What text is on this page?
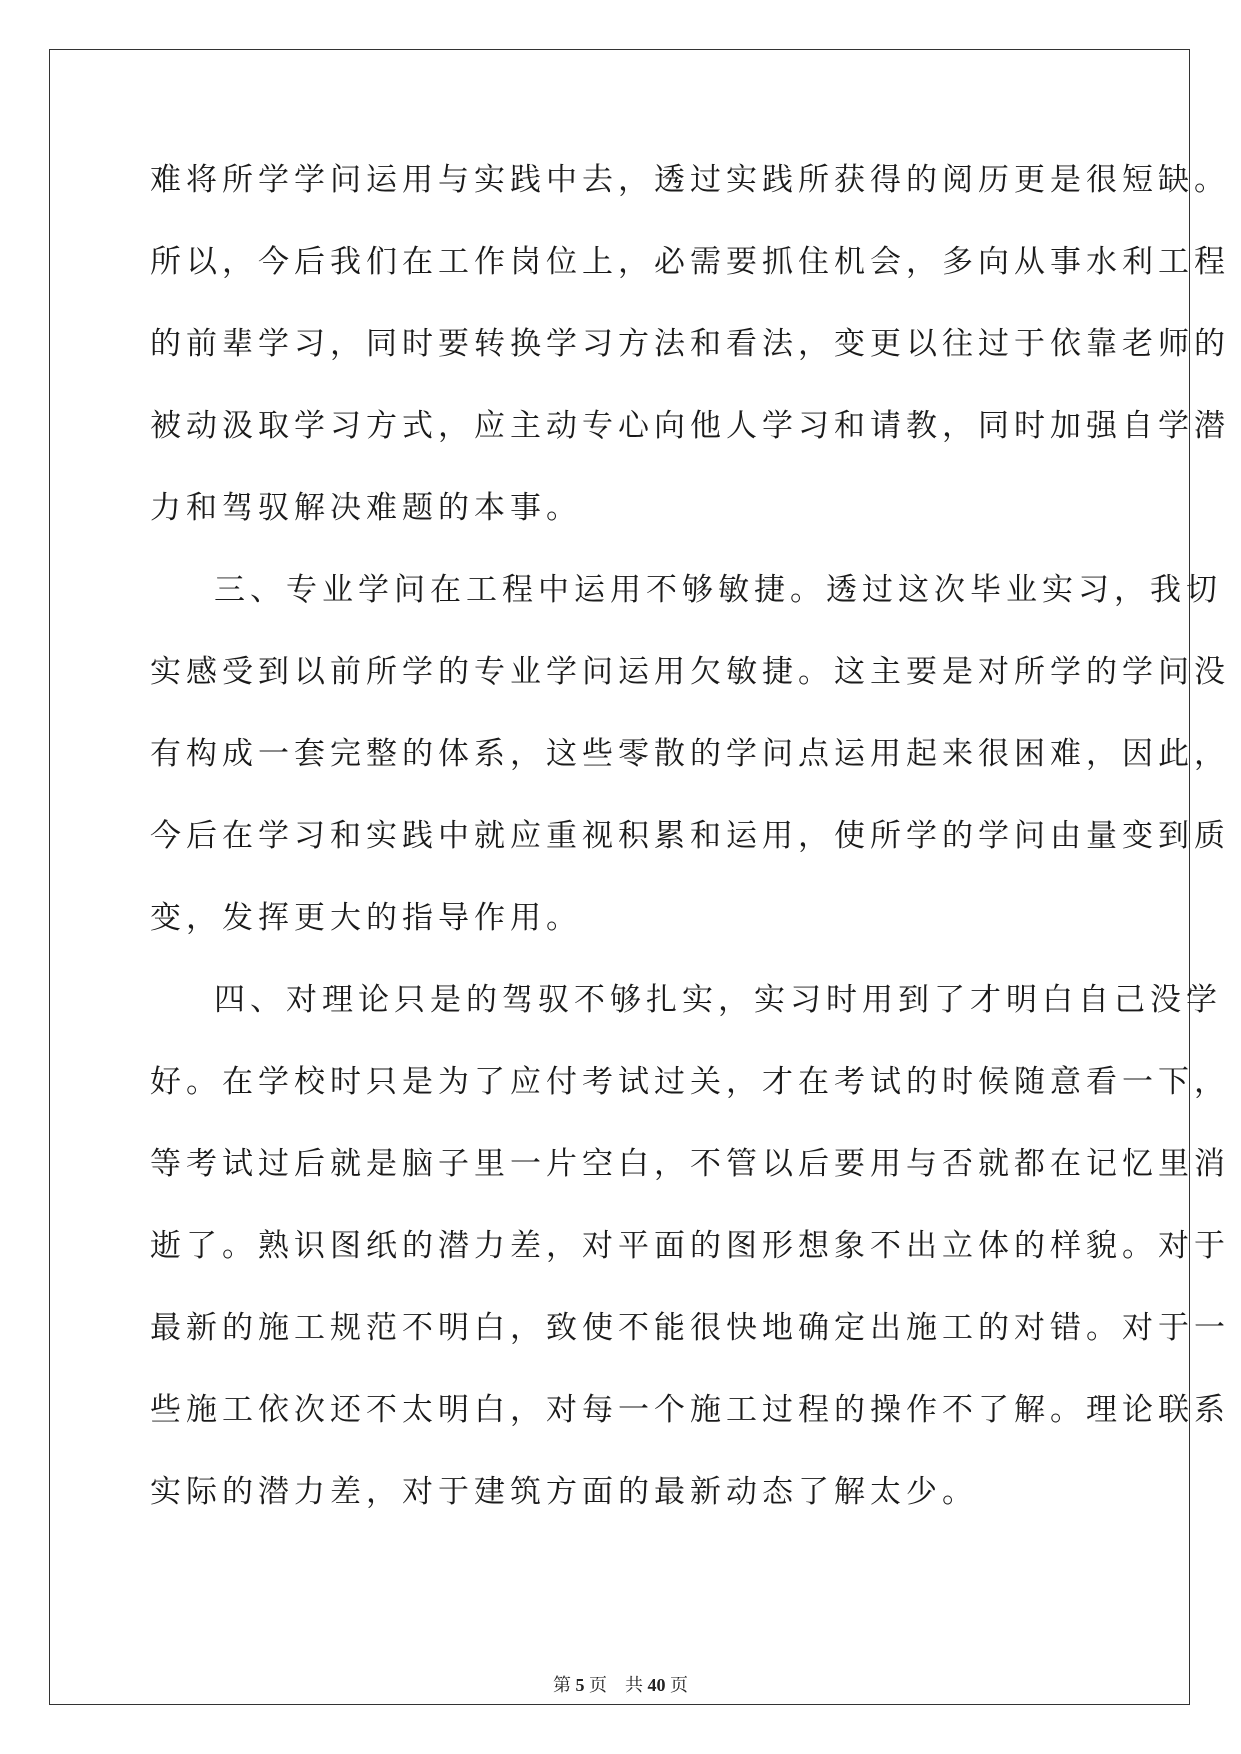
难将所学学问运用与实践中去，透过实践所获得的阅历更是很短缺。
所以，今后我们在工作岗位上，必需要抓住机会，多向从事水利工程
的前辈学习，同时要转换学习方法和看法，变更以往过于依靠老师的
被动汲取学习方式，应主动专心向他人学习和请教，同时加强自学潜
力和驾驭解决难题的本事。
三、专业学问在工程中运用不够敏捷。透过这次毕业实习，我切
实感受到以前所学的专业学问运用欠敏捷。这主要是对所学的学问没
有构成一套完整的体系，这些零散的学问点运用起来很困难，因此，
今后在学习和实践中就应重视积累和运用，使所学的学问由量变到质
变，发挥更大的指导作用。
四、对理论只是的驾驭不够扎实，实习时用到了才明白自己没学
好。在学校时只是为了应付考试过关，才在考试的时候随意看一下，
等考试过后就是脑子里一片空白，不管以后要用与否就都在记忆里消
逝了。熟识图纸的潜力差，对平面的图形想象不出立体的样貌。对于
最新的施工规范不明白，致使不能很快地确定出施工的对错。对于一
些施工依次还不太明白，对每一个施工过程的操作不了解。理论联系
实际的潜力差，对于建筑方面的最新动态了解太少。
第 5 页 共 40 页
